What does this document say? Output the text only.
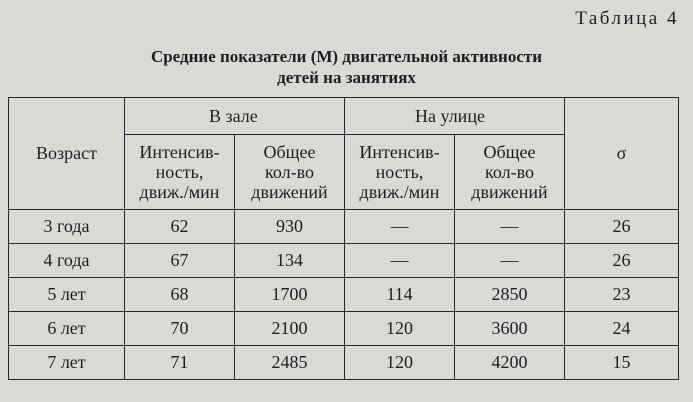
Таблица 4
Средние показатели (М) двигательной активности
детей на занятиях
Возраст	В зале		На улице		σ
	Интенсив-
ность,
движ./мин	Общее
кол-во
движений	Интенсив-
ность,
движ./мин	Общее
кол-во
движений	
3 года	62	930	—	—	26
4 года	67	134	—	—	26
5 лет	68	1700	114	2850	23
6 лет	70	2100	120	3600	24
7 лет	71	2485	120	4200	15
